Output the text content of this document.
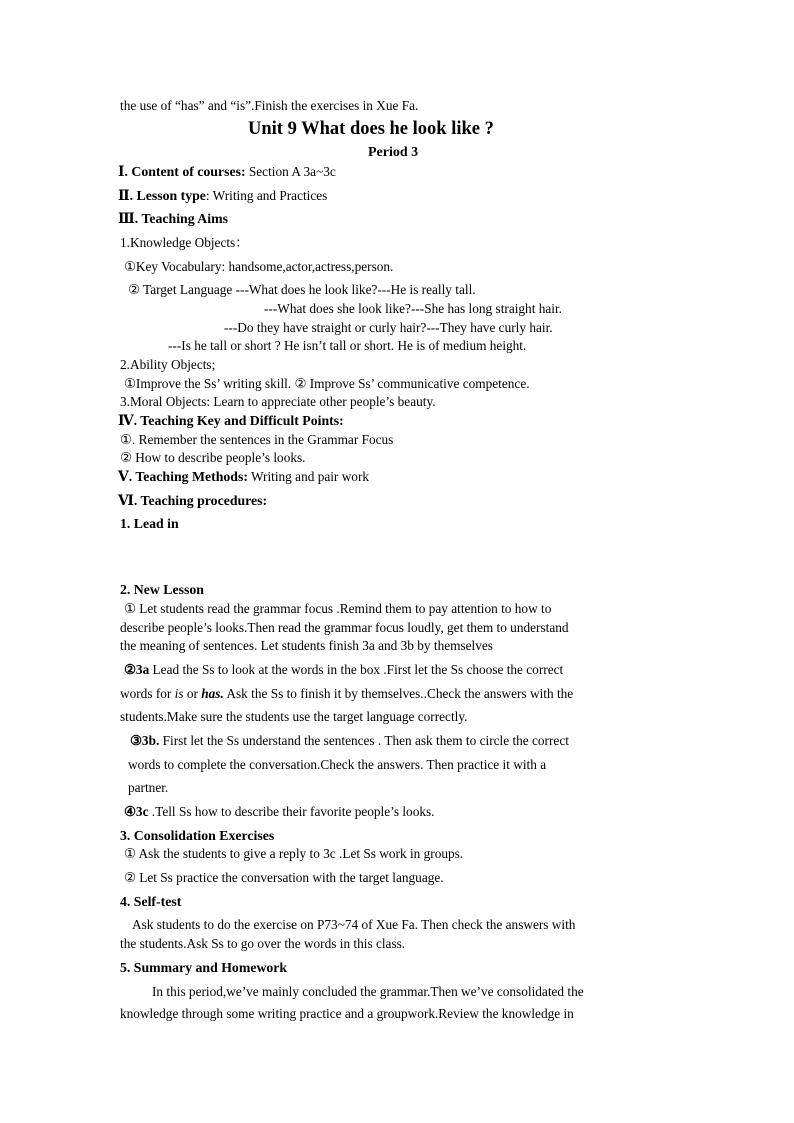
the use of “has” and “is”.Finish the exercises in Xue Fa.
Unit 9 What does he look like ?
Period 3
Ⅰ. Content of courses: Section A 3a~3c
Ⅱ. Lesson type: Writing and Practices
Ⅲ. Teaching Aims
1.Knowledge Objects：
①Key Vocabulary: handsome,actor,actress,person.
② Target Language ---What does he look like?---He is really tall.
---What does she look like?---She has long straight hair.
---Do they have straight or curly hair?---They have curly hair.
---Is he tall or short ? He isn’t tall or short. He is of medium height.
2.Ability Objects;
①Improve the Ss’ writing skill. ② Improve Ss’ communicative competence.
3.Moral Objects: Learn to appreciate other people’s beauty.
Ⅳ. Teaching Key and Difficult Points:
①. Remember the sentences in the Grammar Focus
② How to describe people’s looks.
Ⅴ. Teaching Methods: Writing and pair work
Ⅵ. Teaching procedures:
1. Lead in
2. New Lesson
① Let students read the grammar focus .Remind them to pay attention to how to
describe people’s looks.Then read the grammar focus loudly, get them to understand
the meaning of sentences. Let students finish 3a and 3b by themselves
②3a Lead the Ss to look at the words in the box .First let the Ss choose the correct
words for is or has. Ask the Ss to finish it by themselves..Check the answers with the
students.Make sure the students use the target language correctly.
③3b. First let the Ss understand the sentences . Then ask them to circle the correct
words to complete the conversation.Check the answers. Then practice it with a
partner.
④3c .Tell Ss how to describe their favorite people’s looks.
3. Consolidation Exercises
① Ask the students to give a reply to 3c .Let Ss work in groups.
② Let Ss practice the conversation with the target language.
4. Self-test
Ask students to do the exercise on P73~74 of Xue Fa. Then check the answers with
the students.Ask Ss to go over the words in this class.
5. Summary and Homework
In this period,we’ve mainly concluded the grammar.Then we’ve consolidated the
knowledge through some writing practice and a groupwork.Review the knowledge in
